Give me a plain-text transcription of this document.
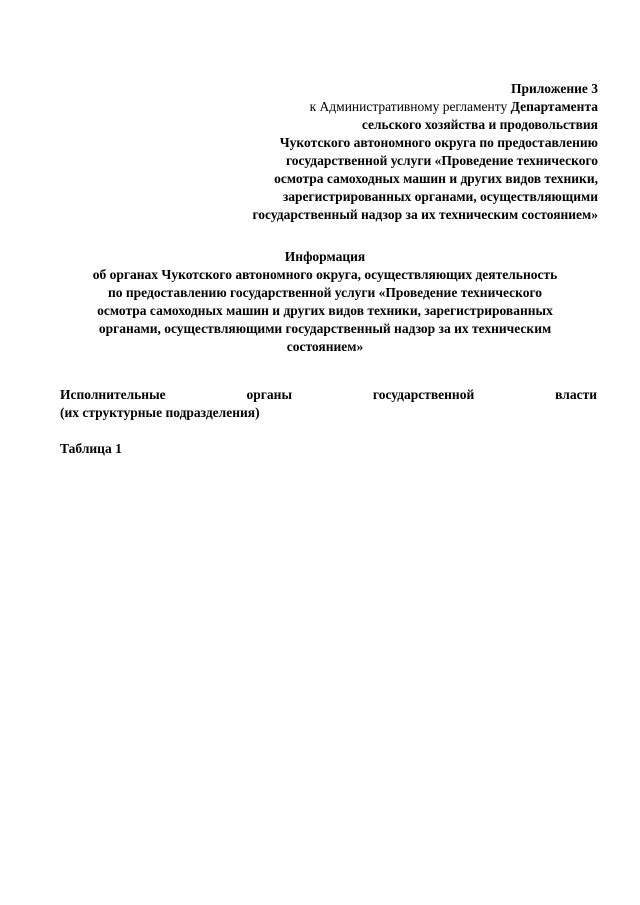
Приложение 3
к Административному регламенту Департамента
сельского хозяйства и продовольствия
Чукотского автономного округа по предоставлению
государственной услуги «Проведение технического
осмотра самоходных машин и других видов техники,
зарегистрированных органами, осуществляющими
государственный надзор за их техническим состоянием»
Информация
об органах Чукотского автономного округа, осуществляющих деятельность
по предоставлению государственной услуги «Проведение технического
осмотра самоходных машин и других видов техники, зарегистрированных
органами, осуществляющими государственный надзор за их техническим
состоянием»
Исполнительные	органы	государственной	власти
(их структурные подразделения)
Таблица 1
